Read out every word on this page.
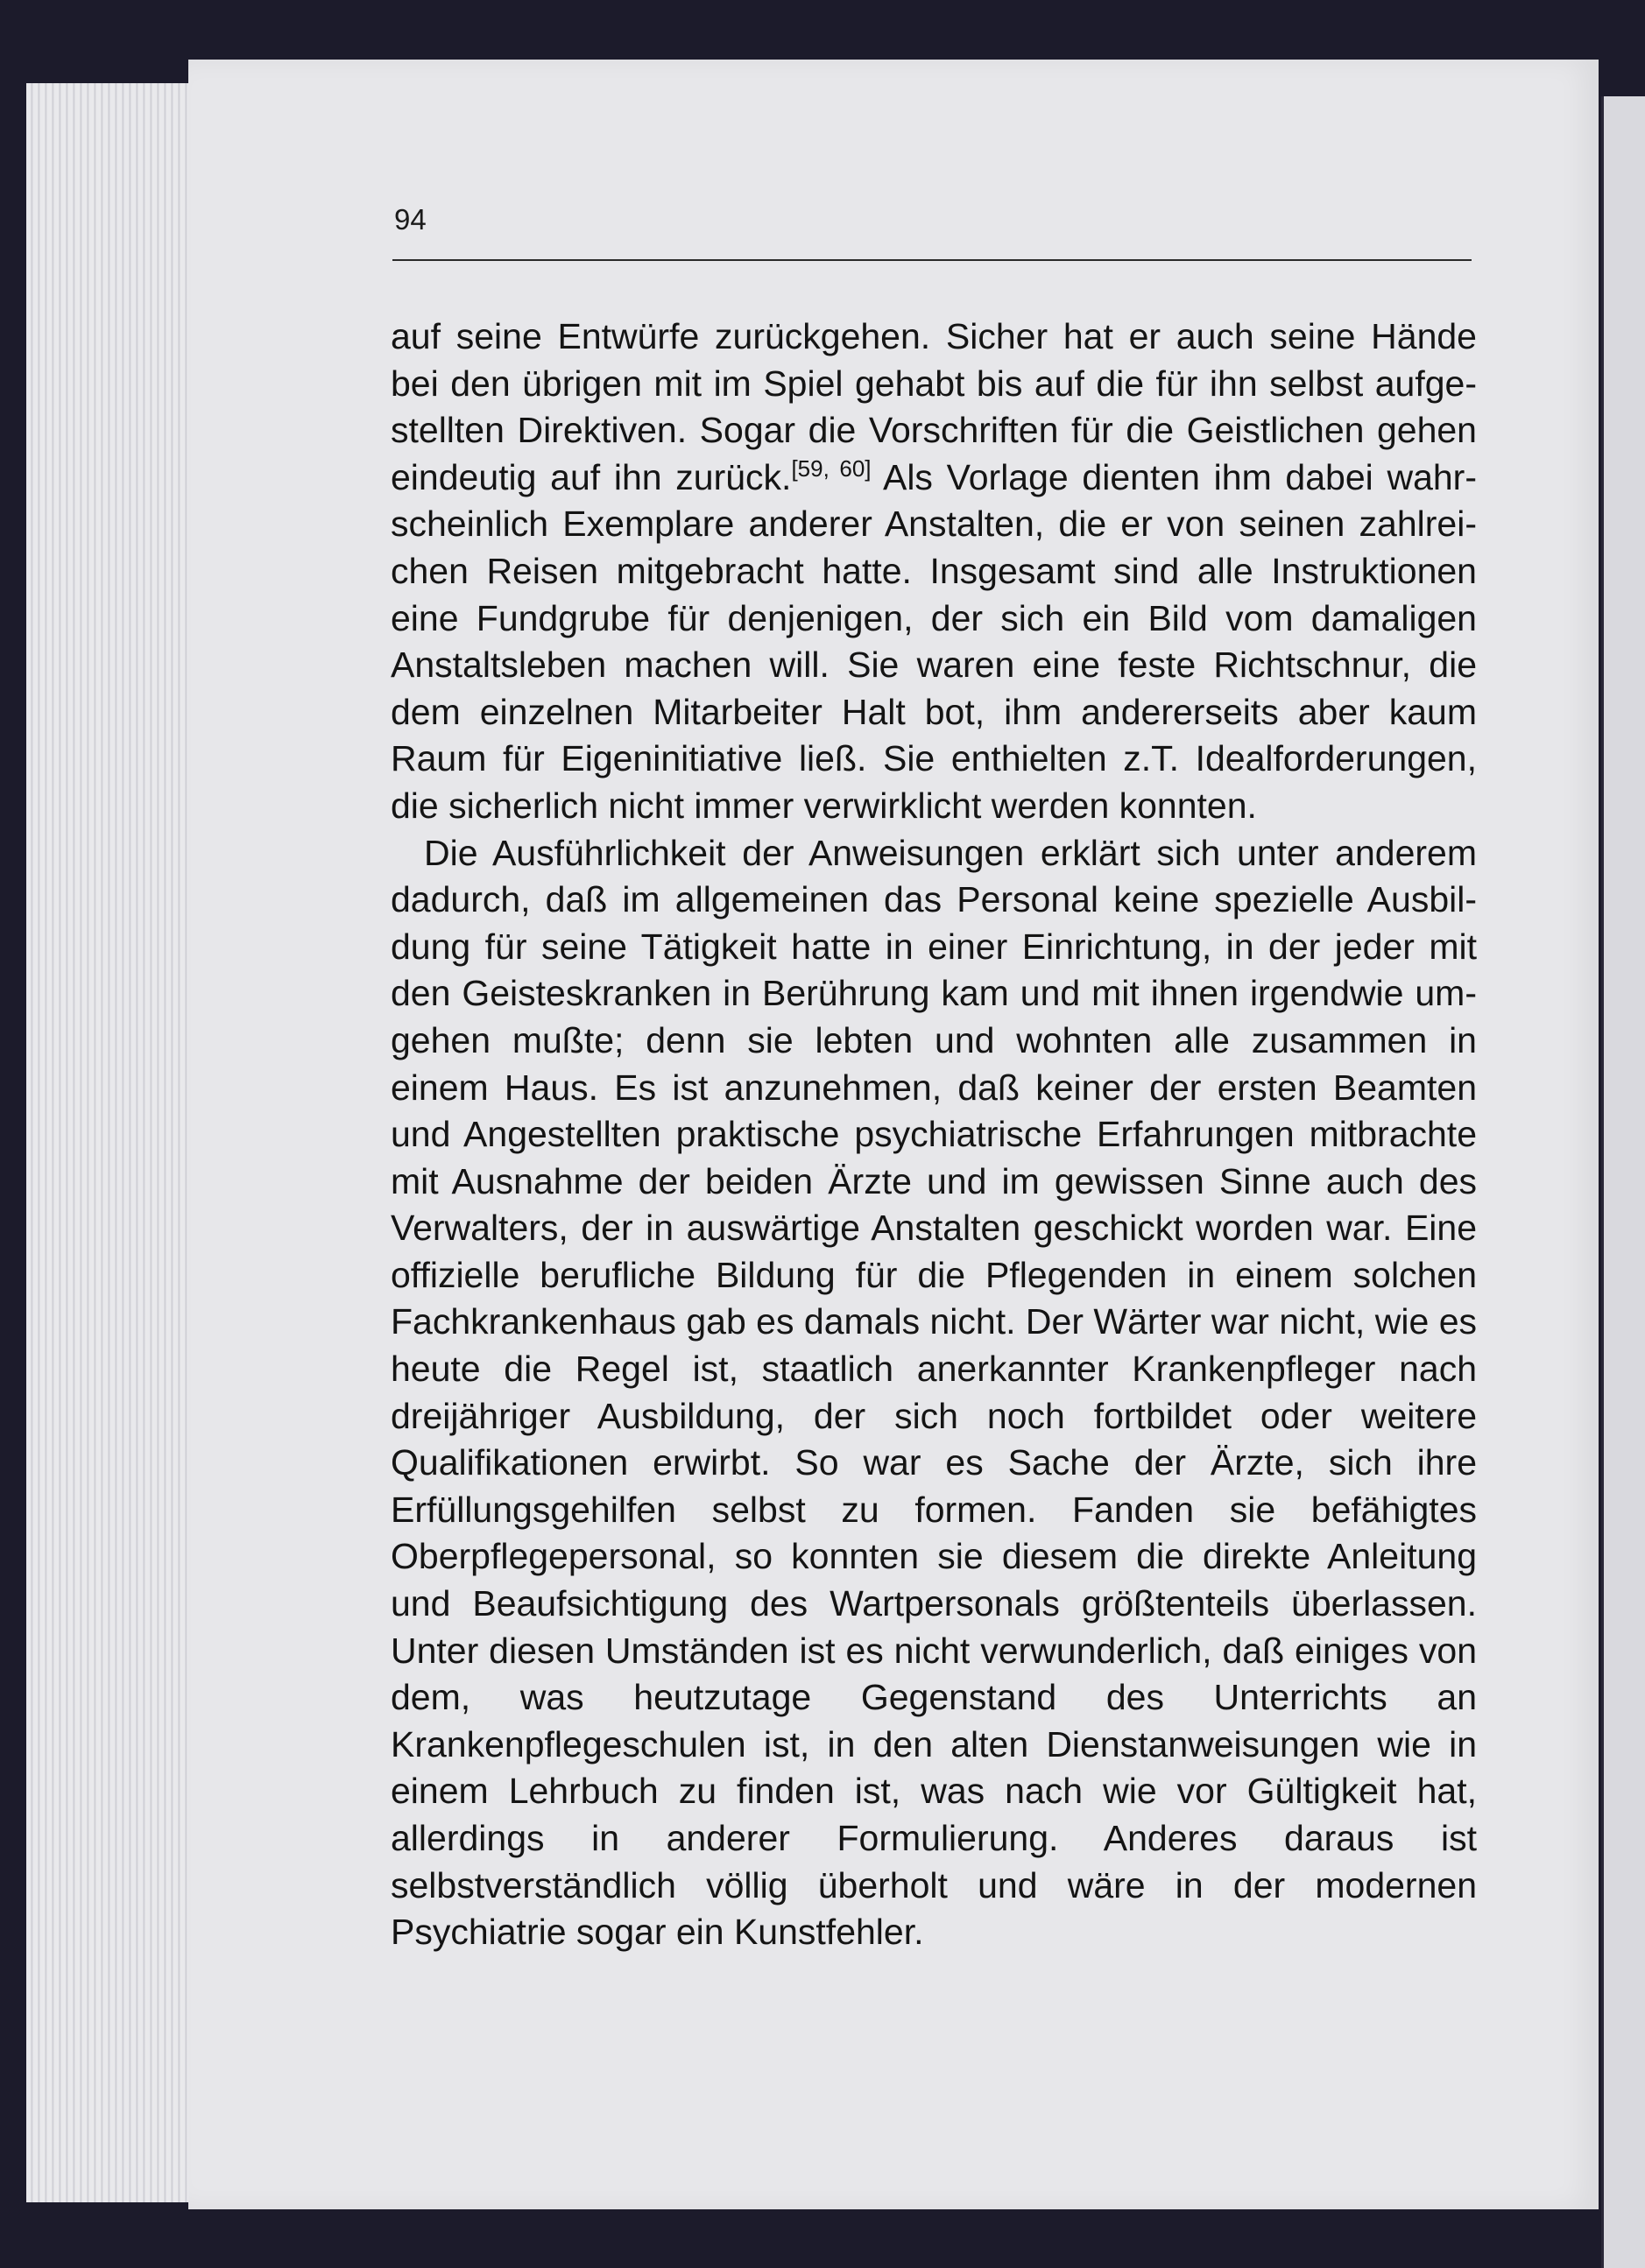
94

auf seine Entwürfe zurückgehen. Sicher hat er auch seine Hände bei den übrigen mit im Spiel gehabt bis auf die für ihn selbst aufgestellten Direktiven. Sogar die Vorschriften für die Geistlichen gehen eindeutig auf ihn zurück.[59, 60] Als Vorlage dienten ihm dabei wahrscheinlich Exemplare anderer Anstalten, die er von seinen zahlreichen Reisen mitgebracht hatte. Insgesamt sind alle Instruktionen eine Fundgrube für denjenigen, der sich ein Bild vom damaligen Anstaltsleben machen will. Sie waren eine feste Richtschnur, die dem einzelnen Mitarbeiter Halt bot, ihm andererseits aber kaum Raum für Eigeninitiative ließ. Sie enthielten z.T. Idealforderungen, die sicherlich nicht immer verwirklicht werden konnten.

Die Ausführlichkeit der Anweisungen erklärt sich unter anderem dadurch, daß im allgemeinen das Personal keine spezielle Ausbildung für seine Tätigkeit hatte in einer Einrichtung, in der jeder mit den Geisteskranken in Berührung kam und mit ihnen irgendwie umgehen mußte; denn sie lebten und wohnten alle zusammen in einem Haus. Es ist anzunehmen, daß keiner der ersten Beamten und Angestellten praktische psychiatrische Erfahrungen mitbrachte mit Ausnahme der beiden Ärzte und im gewissen Sinne auch des Verwalters, der in auswärtige Anstalten geschickt worden war. Eine offizielle berufliche Bildung für die Pflegenden in einem solchen Fachkrankenhaus gab es damals nicht. Der Wärter war nicht, wie es heute die Regel ist, staatlich anerkannter Krankenpfleger nach dreijähriger Ausbildung, der sich noch fortbildet oder weitere Qualifikationen erwirbt. So war es Sache der Ärzte, sich ihre Erfüllungsgehilfen selbst zu formen. Fanden sie befähigtes Oberpflegepersonal, so konnten sie diesem die direkte Anleitung und Beaufsichtigung des Wartpersonals größtenteils überlassen. Unter diesen Umständen ist es nicht verwunderlich, daß einiges von dem, was heutzutage Gegenstand des Unterrichts an Krankenpflegeschulen ist, in den alten Dienstanweisungen wie in einem Lehrbuch zu finden ist, was nach wie vor Gültigkeit hat, allerdings in anderer Formulierung. Anderes daraus ist selbstverständlich völlig überholt und wäre in der modernen Psychiatrie sogar ein Kunstfehler.
